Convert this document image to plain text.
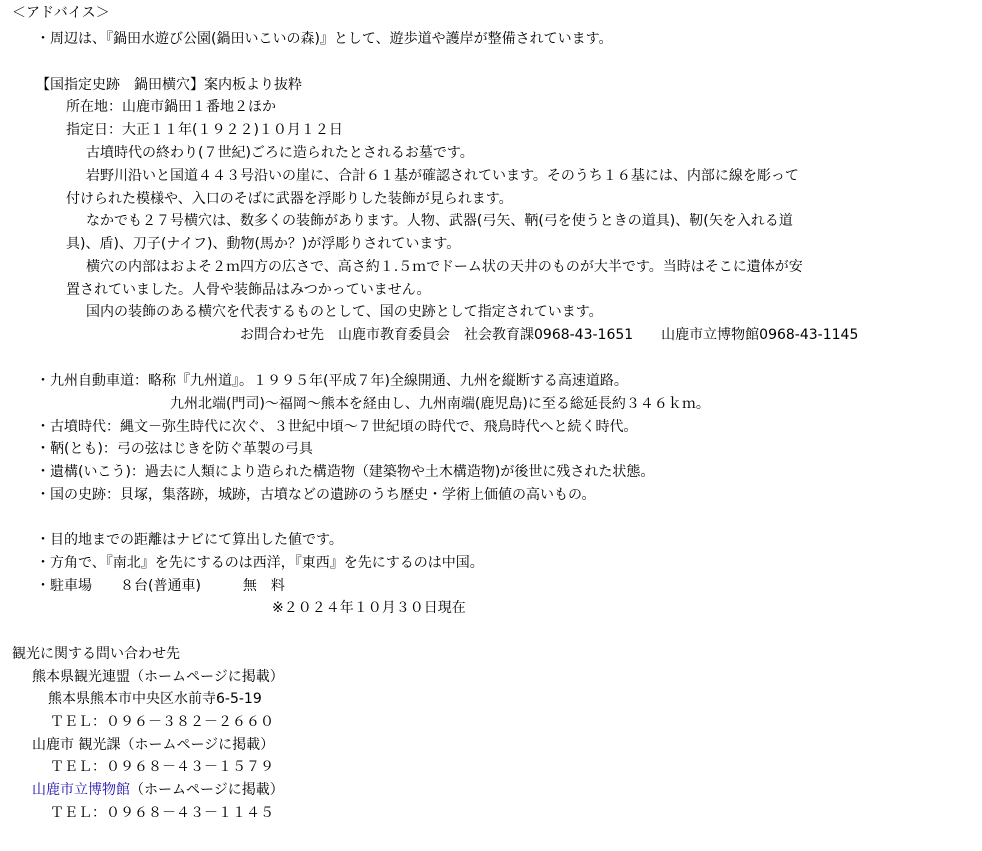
＜アドバイス＞
・周辺は、『鍋田水遊び公園(鍋田いこいの森)』として、遊歩道や護岸が整備されています。
【国指定史跡　鍋田横穴】案内板より抜粋
所在地：山鹿市鍋田１番地２ほか
指定日：大正１１年(１９２２)１０月１２日
古墳時代の終わり(７世紀)ごろに造られたとされるお墓です。
岩野川沿いと国道４４３号沿いの崖に、合計６１基が確認されています。そのうち１６基には、内部に線を彫って
付けられた模様や、入口のそばに武器を浮彫りした装飾が見られます。
なかでも２７号横穴は、数多くの装飾があります。人物、武器(弓矢、鞆(弓を使うときの道具)、靭(矢を入れる道
具)、盾)、刀子(ナイフ)、動物(馬か？)が浮彫りされています。
横穴の内部はおよそ２ｍ四方の広さで、高さ約１.５ｍでドーム状の天井のものが大半です。当時はそこに遺体が安
置されていました。人骨や装飾品はみつかっていません。
国内の装飾のある横穴を代表するものとして、国の史跡として指定されています。
お問合わせ先　山鹿市教育委員会　社会教育課0968-43-1651　　山鹿市立博物館0968-43-1145
・九州自動車道：略称『九州道』。１９９５年(平成７年)全線開通、九州を縦断する高速道路。
九州北端(門司)～福岡～熊本を経由し、九州南端(鹿児島)に至る総延長約３４６ｋｍ。
・古墳時代：縄文－弥生時代に次ぐ、３世紀中頃～７世紀頃の時代で、飛鳥時代へと続く時代。
・鞆(とも)：弓の弦はじきを防ぐ革製の弓具
・遺構(いこう)：過去に人類により造られた構造物（建築物や土木構造物)が後世に残された状態。
・国の史跡：貝塚，集落跡，城跡，古墳などの遺跡のうち歴史・学術上価値の高いもの。
・目的地までの距離はナビにて算出した値です。
・方角で、『南北』を先にするのは西洋，『東西』を先にするのは中国。
・駐車場　　８台(普通車)　　　無　料
※２０２４年１０月３０日現在
観光に関する問い合わせ先
熊本県観光連盟（ホームページに掲載）
熊本県熊本市中央区水前寺6-5-19
ＴＥＬ：０９６－３８２－２６６０
山鹿市 観光課（ホームページに掲載）
ＴＥＬ：０９６８－４３－１５７９
山鹿市立博物館（ホームページに掲載）
ＴＥＬ：０９６８－４３－１１４５
